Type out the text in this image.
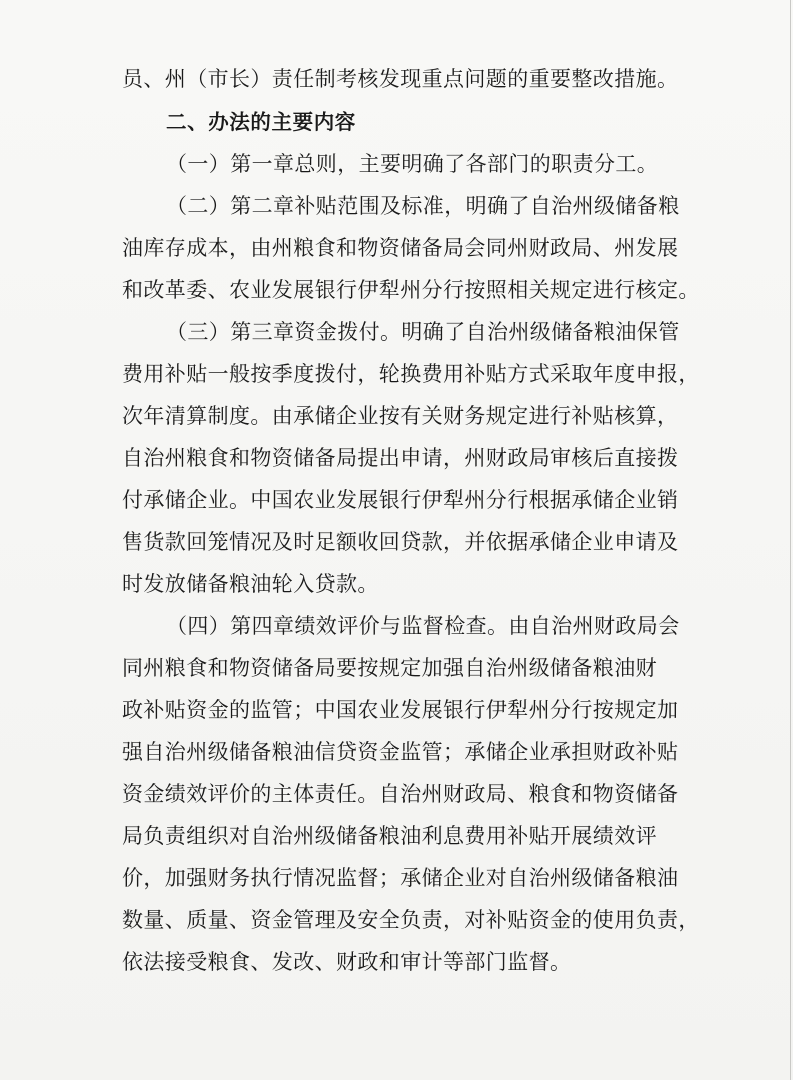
员、州（市长）责任制考核发现重点问题的重要整改措施。
二、办法的主要内容
（一）第一章总则，主要明确了各部门的职责分工。
（二）第二章补贴范围及标准，明确了自治州级储备粮
油库存成本，由州粮食和物资储备局会同州财政局、州发展
和改革委、农业发展银行伊犁州分行按照相关规定进行核定。
（三）第三章资金拨付。明确了自治州级储备粮油保管
费用补贴一般按季度拨付，轮换费用补贴方式采取年度申报，
次年清算制度。由承储企业按有关财务规定进行补贴核算，
自治州粮食和物资储备局提出申请，州财政局审核后直接拨
付承储企业。中国农业发展银行伊犁州分行根据承储企业销
售货款回笼情况及时足额收回贷款，并依据承储企业申请及
时发放储备粮油轮入贷款。
（四）第四章绩效评价与监督检查。由自治州财政局会
同州粮食和物资储备局要按规定加强自治州级储备粮油财
政补贴资金的监管；中国农业发展银行伊犁州分行按规定加
强自治州级储备粮油信贷资金监管；承储企业承担财政补贴
资金绩效评价的主体责任。自治州财政局、粮食和物资储备
局负责组织对自治州级储备粮油利息费用补贴开展绩效评
价，加强财务执行情况监督；承储企业对自治州级储备粮油
数量、质量、资金管理及安全负责，对补贴资金的使用负责，
依法接受粮食、发改、财政和审计等部门监督。
